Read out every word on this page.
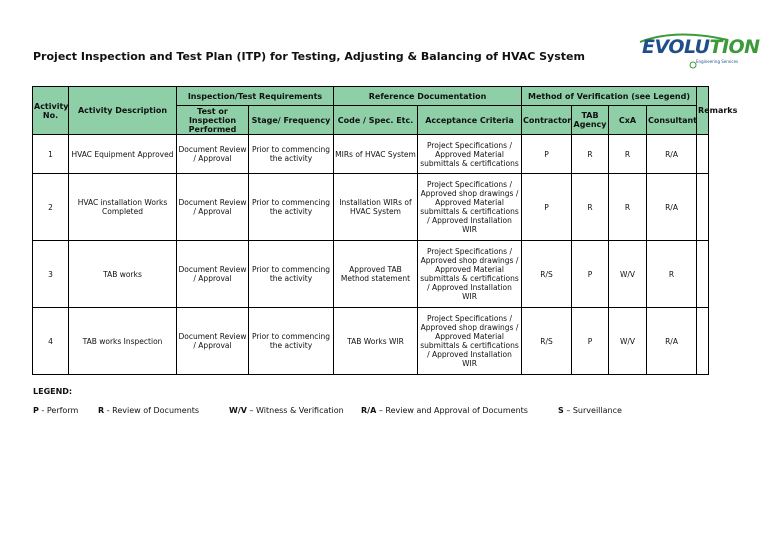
Project Inspection and Test Plan (ITP) for Testing, Adjusting & Balancing of HVAC System	EVOLUTION
Engineering Services
Activity No.	Activity Description	Inspection/Test Requirements		Reference Documentation		Method of Verification (see Legend)				Remarks
		Test or Inspection Performed	Stage/ Frequency	Code / Spec. Etc.	Acceptance Criteria	Contractor	TAB Agency	CxA	Consultant	
1	HVAC Equipment Approved	Document Review / Approval	Prior to commencing the activity	MIRs of HVAC System	Project Specifications / Approved Material submittals & certifications	P	R	R	R/A	
2	HVAC installation Works Completed	Document Review / Approval	Prior to commencing the activity	Installation WIRs of HVAC System	Project Specifications / Approved shop drawings / Approved Material submittals & certifications / Approved Installation WIR	P	R	R	R/A	
3	TAB works	Document Review / Approval	Prior to commencing the activity	Approved TAB Method statement	Project Specifications / Approved shop drawings / Approved Material submittals & certifications / Approved Installation WIR	R/S	P	W/V	R	
4	TAB works Inspection	Document Review / Approval	Prior to commencing the activity	TAB Works WIR	Project Specifications / Approved shop drawings / Approved Material submittals & certifications / Approved Installation WIR	R/S	P	W/V	R/A	
LEGEND:
P - Perform R - Review of Documents	W/V – Witness & Verification R/A – Review and Approval of Documents	S – Surveillance
